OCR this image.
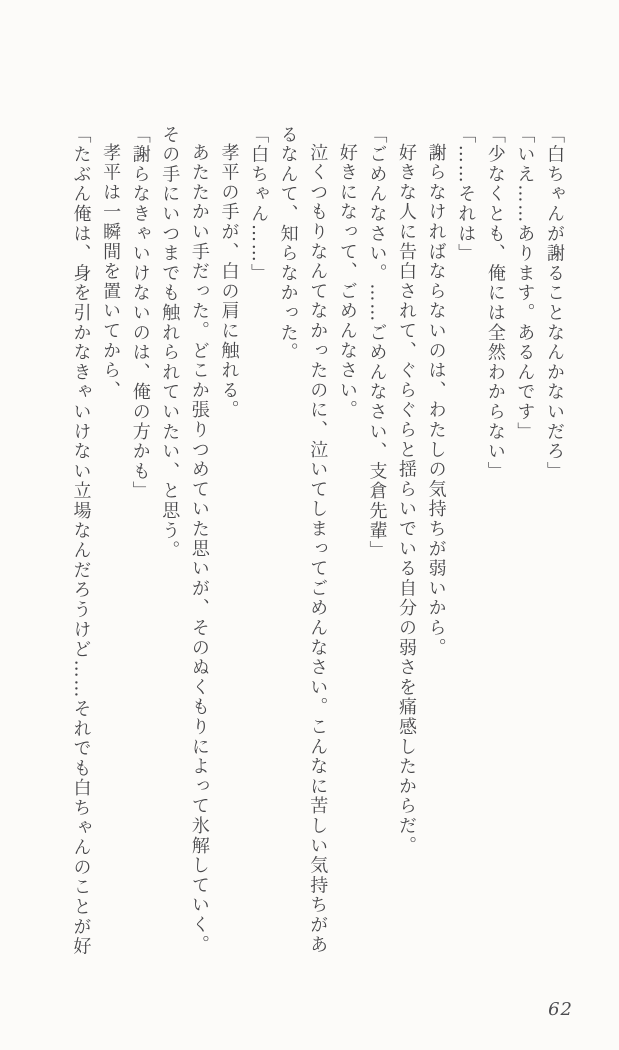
「白ちゃんが謝ることなんかないだろ」

「いえ……あります。あるんです」

「少なくとも、俺には全然わからない」

「……それは」

謝らなければならないのは、わたしの気持ちが弱いから。

好きな人に告白されて、ぐらぐらと揺らいでいる自分の弱さを痛感したからだ。

「ごめんなさい。……ごめんなさい、支倉先輩」

好きになって、ごめんなさい。

泣くつもりなんてなかったのに、泣いてしまってごめんなさい。こんなに苦しい気持ちがあるなんて、知らなかった。

「白ちゃん……」

孝平の手が、白の肩に触れる。

あたたかい手だった。どこか張りつめていた思いが、そのぬくもりによって氷解していく。その手にいつまでも触れられていたい、と思う。

「謝らなきゃいけないのは、俺の方かも」

孝平は一瞬間を置いてから、

「たぶん俺は、身を引かなきゃいけない立場なんだろうけど……それでも白ちゃんのことが好

62
